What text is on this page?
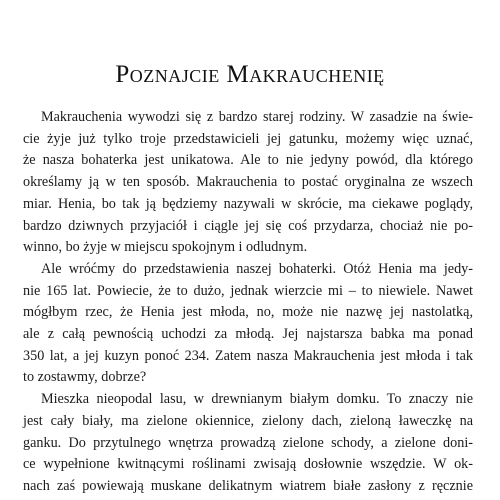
Poznajcie Makrauchenię

Makrauchenia wywodzi się z bardzo starej rodziny. W zasadzie na świe-
cie żyje już tylko troje przedstawicieli jej gatunku, możemy więc uznać,
że nasza bohaterka jest unikatowa. Ale to nie jedyny powód, dla którego
określamy ją w ten sposób. Makrauchenia to postać oryginalna ze wszech
miar. Henia, bo tak ją będziemy nazywali w skrócie, ma ciekawe poglądy,
bardzo dziwnych przyjaciół i ciągle jej się coś przydarza, chociaż nie po-
winno, bo żyje w miejscu spokojnym i odludnym.

Ale wróćmy do przedstawienia naszej bohaterki. Otóż Henia ma jedy-
nie 165 lat. Powiecie, że to dużo, jednak wierzcie mi – to niewiele. Nawet
mógłbym rzec, że Henia jest młoda, no, może nie nazwę jej nastolatką,
ale z całą pewnością uchodzi za młodą. Jej najstarsza babka ma ponad
350 lat, a jej kuzyn ponoć 234. Zatem nasza Makrauchenia jest młoda i tak
to zostawmy, dobrze?

Mieszka nieopodal lasu, w drewnianym białym domku. To znaczy nie
jest cały biały, ma zielone okiennice, zielony dach, zieloną ławeczkę na
ganku. Do przytulnego wnętrza prowadzą zielone schody, a zielone doni-
ce wypełnione kwitnącymi roślinami zwisają dosłownie wszędzie. W ok-
nach zaś powiewają muskane delikatnym wiatrem białe zasłony z ręcznie
